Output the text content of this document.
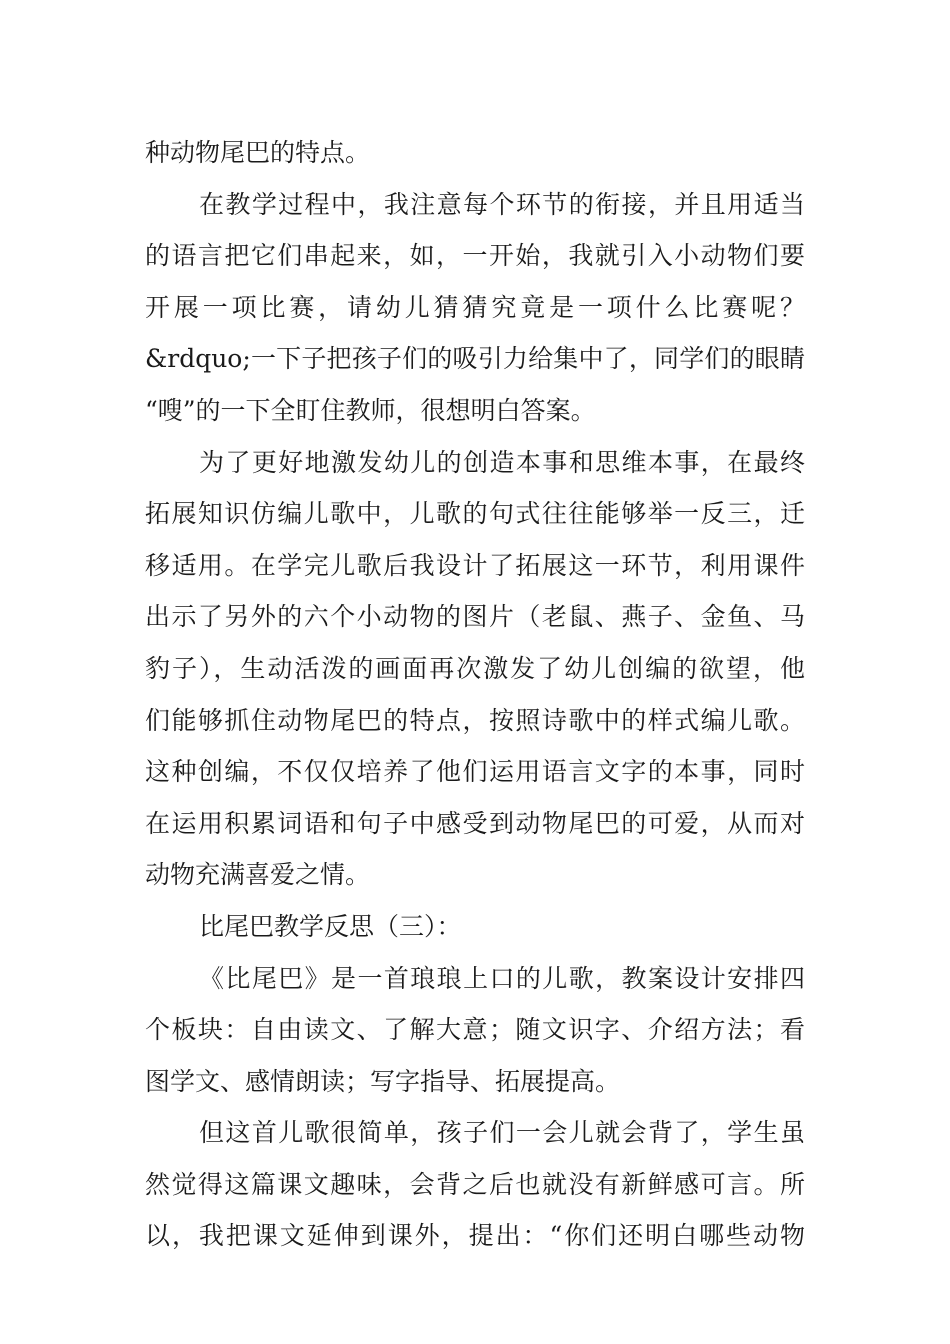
种动物尾巴的特点。
在教学过程中，我注意每个环节的衔接，并且用适当
的语言把它们串起来，如，一开始，我就引入小动物们要
开展一项比赛，请幼儿猜猜究竟是一项什么比赛呢？
&rdquo;一下子把孩子们的吸引力给集中了，同学们的眼睛
“嗖”的一下全盯住教师，很想明白答案。
为了更好地激发幼儿的创造本事和思维本事，在最终
拓展知识仿编儿歌中，儿歌的句式往往能够举一反三，迁
移适用。在学完儿歌后我设计了拓展这一环节，利用课件
出示了另外的六个小动物的图片（老鼠、燕子、金鱼、马
豹子），生动活泼的画面再次激发了幼儿创编的欲望，他
们能够抓住动物尾巴的特点，按照诗歌中的样式编儿歌。
这种创编，不仅仅培养了他们运用语言文字的本事，同时
在运用积累词语和句子中感受到动物尾巴的可爱，从而对
动物充满喜爱之情。
比尾巴教学反思（三）：
《比尾巴》是一首琅琅上口的儿歌，教案设计安排四
个板块：自由读文、了解大意；随文识字、介绍方法；看
图学文、感情朗读；写字指导、拓展提高。
但这首儿歌很简单，孩子们一会儿就会背了，学生虽
然觉得这篇课文趣味，会背之后也就没有新鲜感可言。所
以，我把课文延伸到课外，提出：“你们还明白哪些动物
